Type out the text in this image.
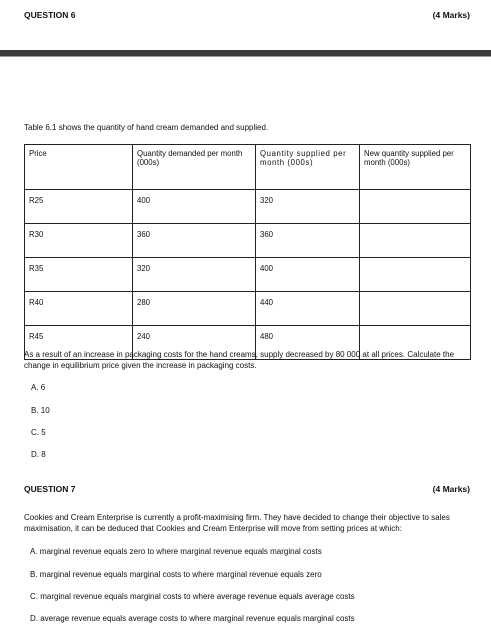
QUESTION 6	(4 Marks)
Table 6.1 shows the quantity of hand cream demanded and supplied.
Price	Quantity demanded per month (000s)	Quantity supplied per month (000s)	New quantity supplied per month (000s)
R25	400	320	
R30	360	360	
R35	320	400	
R40	280	440	
R45	240	480	
As a result of an increase in packaging costs for the hand creams, supply decreased by 80 000 at all prices. Calculate the change in equilibrium price given the increase in packaging costs.
A. 6
B. 10
C. 5
D. 8
QUESTION 7	(4 Marks)
Cookies and Cream Enterprise is currently a profit-maximising firm. They have decided to change their objective to sales maximisation, it can be deduced that Cookies and Cream Enterprise will move from setting prices at which:
A. marginal revenue equals zero to where marginal revenue equals marginal costs
B. marginal revenue equals marginal costs to where marginal revenue equals zero
C. marginal revenue equals marginal costs to where average revenue equals average costs
D. average revenue equals average costs to where marginal revenue equals marginal costs
